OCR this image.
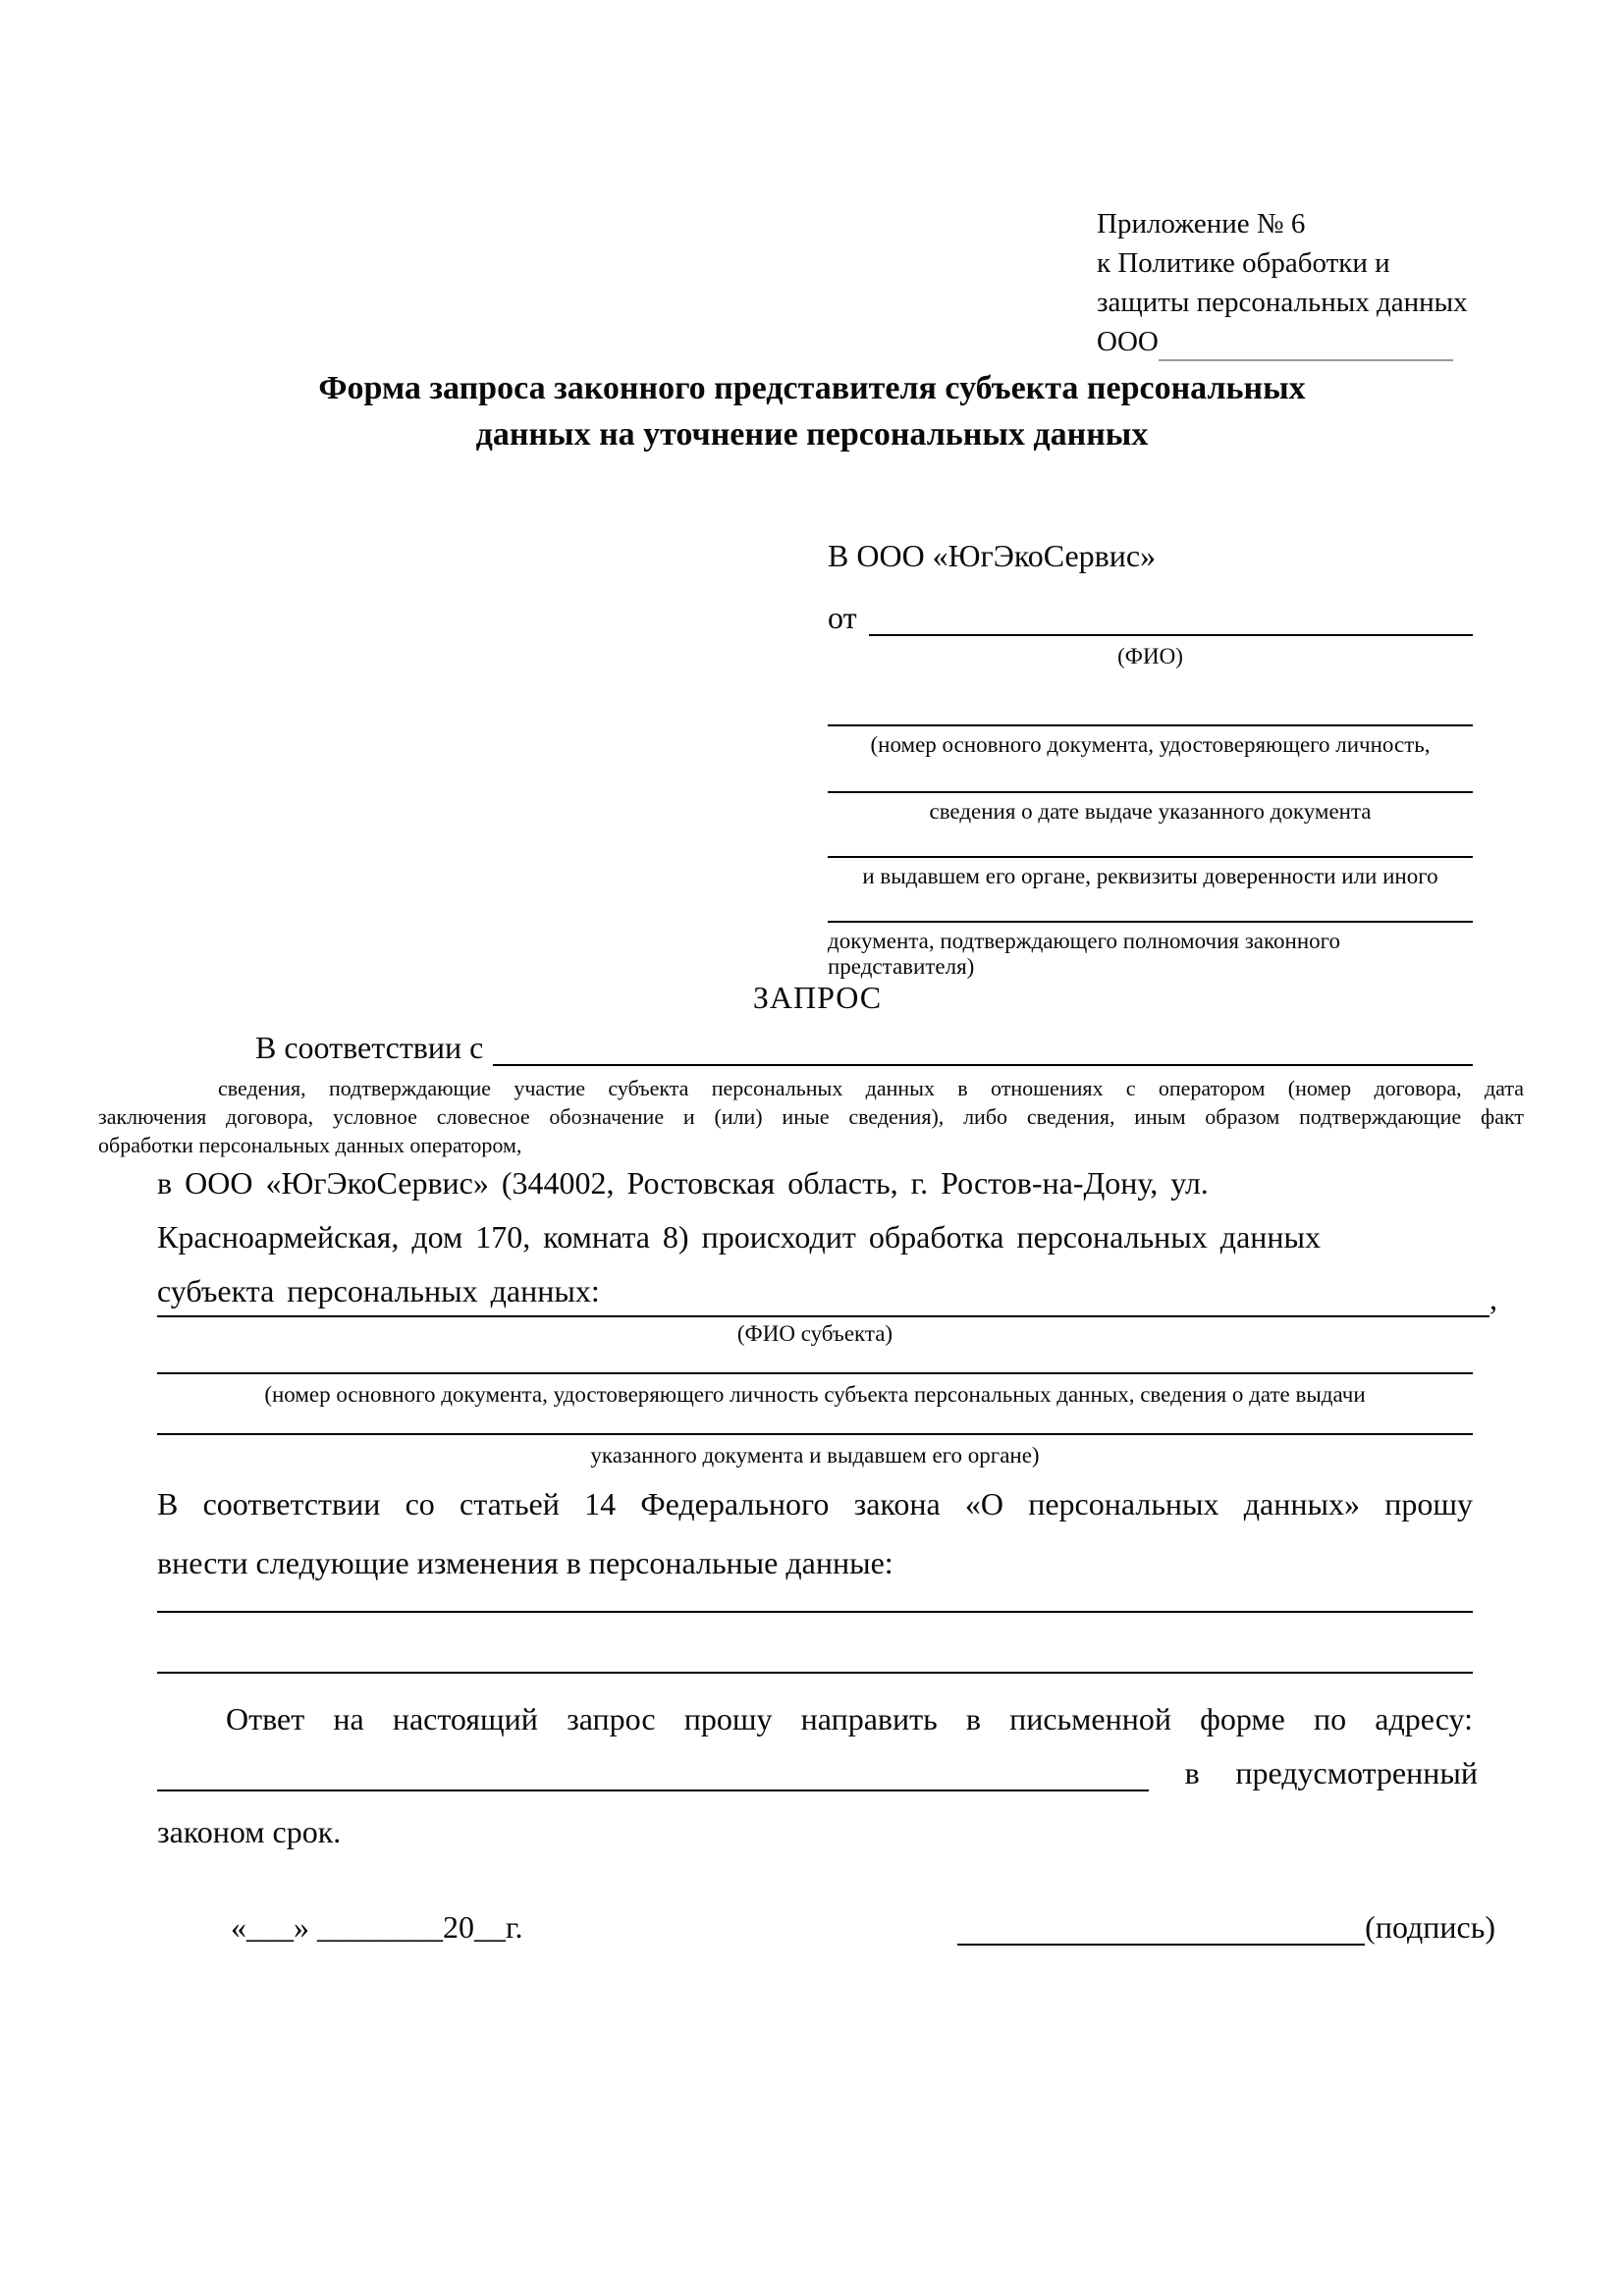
Приложение № 6
к Политике обработки и
защиты персональных данных
ООО
Форма запроса законного представителя субъекта персональных
данных на уточнение персональных данных
В ООО «ЮгЭкоСервис»
от
(ФИО)
(номер основного документа, удостоверяющего личность,
сведения о дате выдаче указанного документа
и выдавшем его органе, реквизиты доверенности или иного
документа, подтверждающего полномочия законного представителя)
ЗАПРОС
В соответствии с
сведения, подтверждающие участие субъекта персональных данных в отношениях с оператором (номер договора, дата
заключения договора, условное словесное обозначение и (или) иные сведения), либо сведения, иным образом подтверждающие факт
обработки персональных данных оператором,
в ООО «ЮгЭкоСервис» (344002, Ростовская область, г. Ростов-на-Дону, ул.
Красноармейская, дом 170, комната 8) происходит обработка персональных данных
субъекта персональных данных:	,
(ФИО субъекта)
(номер основного документа, удостоверяющего личность субъекта персональных данных, сведения о дате выдачи
указанного документа и выдавшем его органе)
В соответствии со статьей 14 Федерального закона «О персональных данных» прошу
внести следующие изменения в персональные данные:
Ответ на настоящий запрос прошу направить в письменной форме по адресу:
в предусмотренный
законом срок.
«___» ________20__г.	(подпись)
